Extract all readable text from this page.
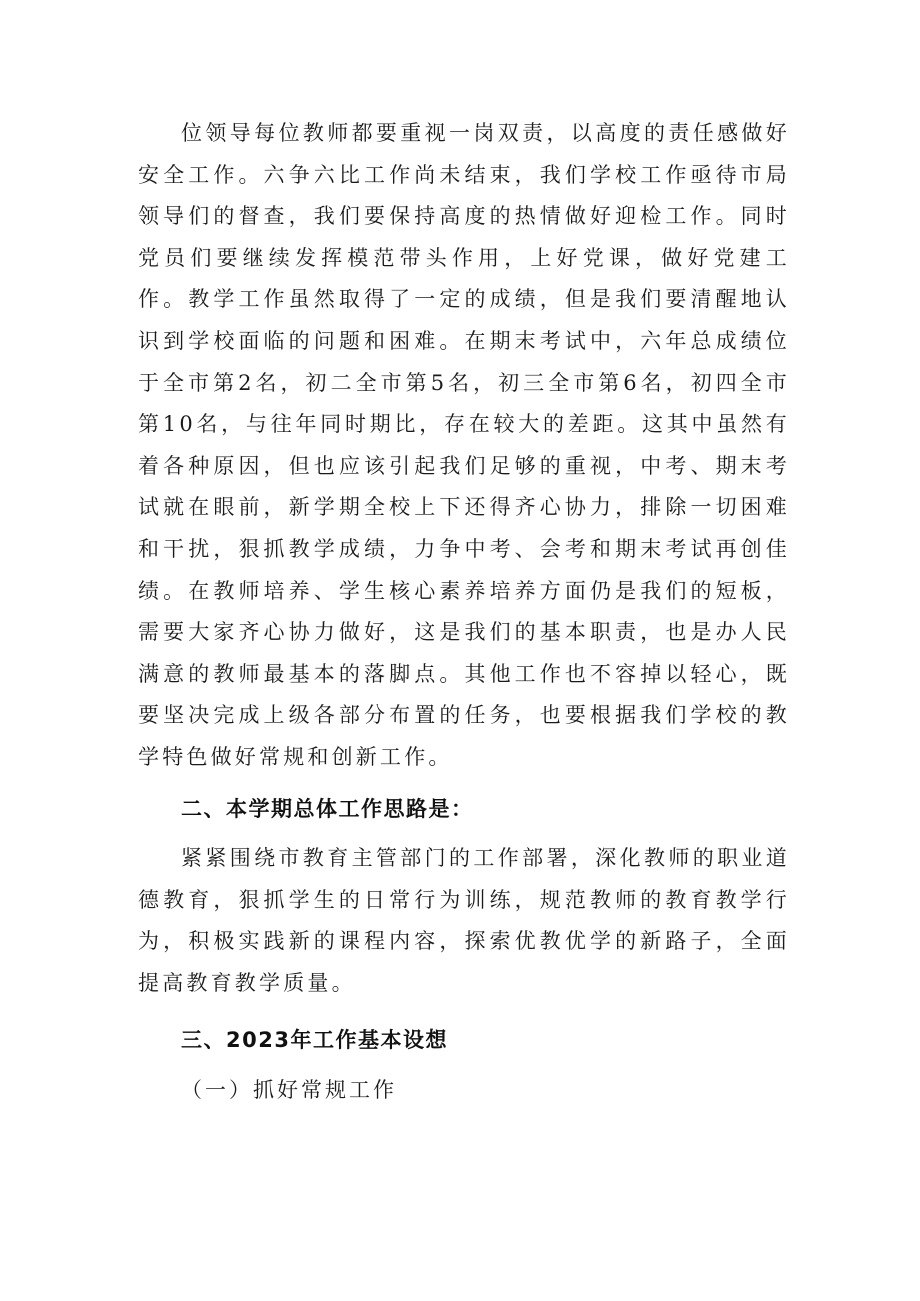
位领导每位教师都要重视一岗双责，以高度的责任感做好安全工作。六争六比工作尚未结束，我们学校工作亟待市局领导们的督查，我们要保持高度的热情做好迎检工作。同时党员们要继续发挥模范带头作用，上好党课，做好党建工作。教学工作虽然取得了一定的成绩，但是我们要清醒地认识到学校面临的问题和困难。在期末考试中，六年总成绩位于全市第2名，初二全市第5名，初三全市第6名，初四全市第10名，与往年同时期比，存在较大的差距。这其中虽然有着各种原因，但也应该引起我们足够的重视，中考、期末考试就在眼前，新学期全校上下还得齐心协力，排除一切困难和干扰，狠抓教学成绩，力争中考、会考和期末考试再创佳绩。在教师培养、学生核心素养培养方面仍是我们的短板，需要大家齐心协力做好，这是我们的基本职责，也是办人民满意的教师最基本的落脚点。其他工作也不容掉以轻心，既要坚决完成上级各部分布置的任务，也要根据我们学校的教学特色做好常规和创新工作。

二、本学期总体工作思路是：

紧紧围绕市教育主管部门的工作部署，深化教师的职业道德教育，狠抓学生的日常行为训练，规范教师的教育教学行为，积极实践新的课程内容，探索优教优学的新路子，全面提高教育教学质量。

三、2023年工作基本设想

（一）抓好常规工作
